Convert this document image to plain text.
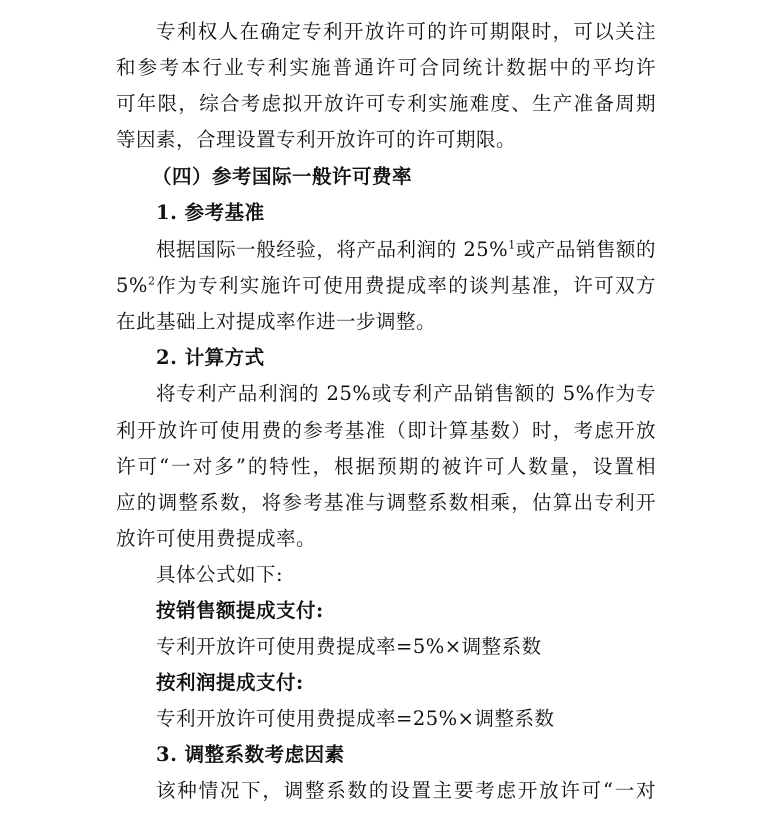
专利权人在确定专利开放许可的许可期限时，可以关注
和参考本行业专利实施普通许可合同统计数据中的平均许
可年限，综合考虑拟开放许可专利实施难度、生产准备周期
等因素，合理设置专利开放许可的许可期限。
（四）参考国际一般许可费率
1. 参考基准
根据国际一般经验，将产品利润的 25%$^1$或产品销售额的
5%$^2$作为专利实施许可使用费提成率的谈判基准，许可双方
在此基础上对提成率作进一步调整。
2. 计算方式
将专利产品利润的 25%或专利产品销售额的 5%作为专
利开放许可使用费的参考基准（即计算基数）时，考虑开放
许可“一对多”的特性，根据预期的被许可人数量，设置相
应的调整系数，将参考基准与调整系数相乘，估算出专利开
放许可使用费提成率。
具体公式如下:
按销售额提成支付:
专利开放许可使用费提成率=5%×调整系数
按利润提成支付:
专利开放许可使用费提成率=25%×调整系数
3. 调整系数考虑因素
该种情况下，调整系数的设置主要考虑开放许可“一对
